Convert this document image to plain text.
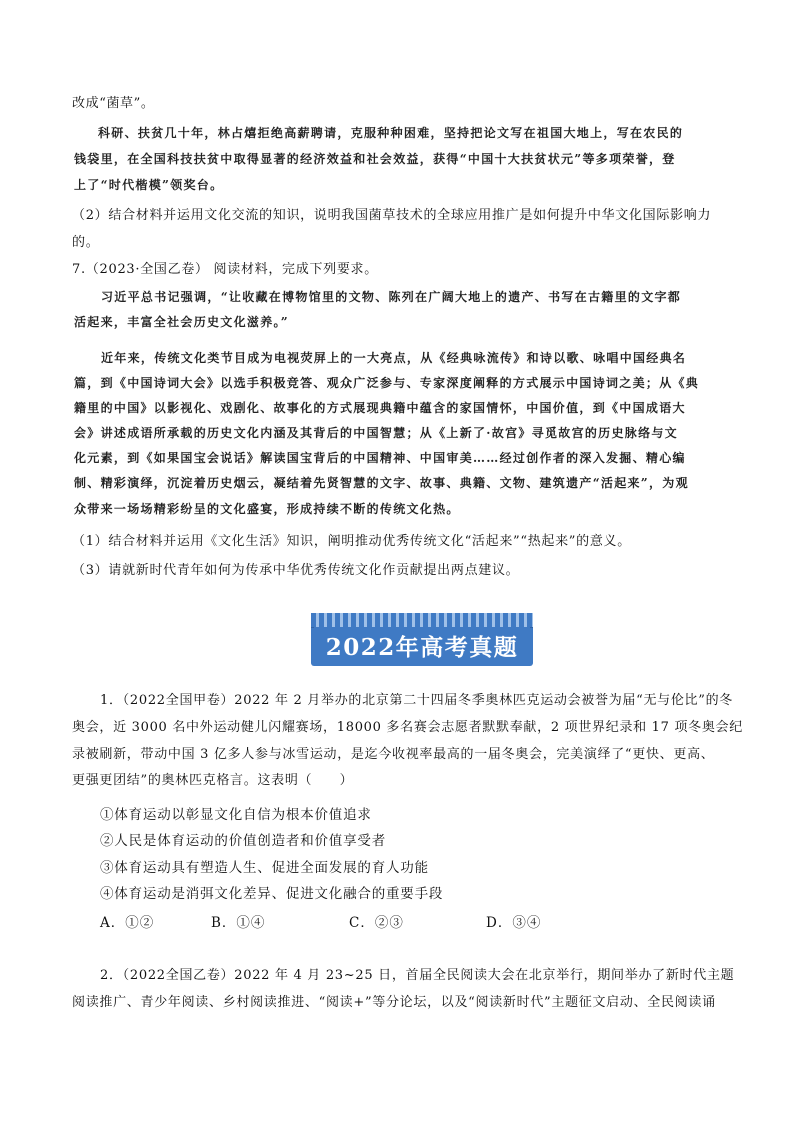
改成“菌草”。
科研、扶贫几十年，林占熺拒绝高薪聘请，克服种种困难，坚持把论文写在祖国大地上，写在农民的
钱袋里，在全国科技扶贫中取得显著的经济效益和社会效益，获得“中国十大扶贫状元”等多项荣誉，登
上了“时代楷模”领奖台。
（2）结合材料并运用文化交流的知识，说明我国菌草技术的全球应用推广是如何提升中华文化国际影响力
的。
7.（2023·全国乙卷） 阅读材料，完成下列要求。
习近平总书记强调，“让收藏在博物馆里的文物、陈列在广阔大地上的遗产、书写在古籍里的文字都
活起来，丰富全社会历史文化滋养。”
近年来，传统文化类节目成为电视荧屏上的一大亮点，从《经典咏流传》和诗以歌、咏唱中国经典名
篇，到《中国诗词大会》以选手积极竞答、观众广泛参与、专家深度阐释的方式展示中国诗词之美；从《典
籍里的中国》以影视化、戏剧化、故事化的方式展现典籍中蕴含的家国情怀，中国价值，到《中国成语大
会》讲述成语所承载的历史文化内涵及其背后的中国智慧；从《上新了·故宫》寻觅故宫的历史脉络与文
化元素，到《如果国宝会说话》解读国宝背后的中国精神、中国审美……经过创作者的深入发掘、精心编
制、精彩演绎，沉淀着历史烟云，凝结着先贤智慧的文字、故事、典籍、文物、建筑遗产“活起来”，为观
众带来一场场精彩纷呈的文化盛宴，形成持续不断的传统文化热。
（1）结合材料并运用《文化生活》知识，阐明推动优秀传统文化“活起来”“热起来”的意义。
（3）请就新时代青年如何为传承中华优秀传统文化作贡献提出两点建议。
2022年高考真题
1．（2022全国甲卷）2022 年 2 月举办的北京第二十四届冬季奥林匹克运动会被誉为届“无与伦比”的冬
奥会，近 3000 名中外运动健儿闪耀赛场，18000 多名赛会志愿者默默奉献，2 项世界纪录和 17 项冬奥会纪
录被刷新，带动中国 3 亿多人参与冰雪运动，是迄今收视率最高的一届冬奥会，完美演绎了“更快、更高、
更强更团结”的奥林匹克格言。这表明（　　）
①体育运动以彰显文化自信为根本价值追求
②人民是体育运动的价值创造者和价值享受者
③体育运动具有塑造人生、促进全面发展的育人功能
④体育运动是消弭文化差异、促进文化融合的重要手段
A．①②	B．①④	C．②③	D．③④
2．（2022全国乙卷）2022 年 4 月 23~25 日，首届全民阅读大会在北京举行，期间举办了新时代主题
阅读推广、青少年阅读、乡村阅读推进、“阅读+”等分论坛，以及“阅读新时代”主题征文启动、全民阅读诵
